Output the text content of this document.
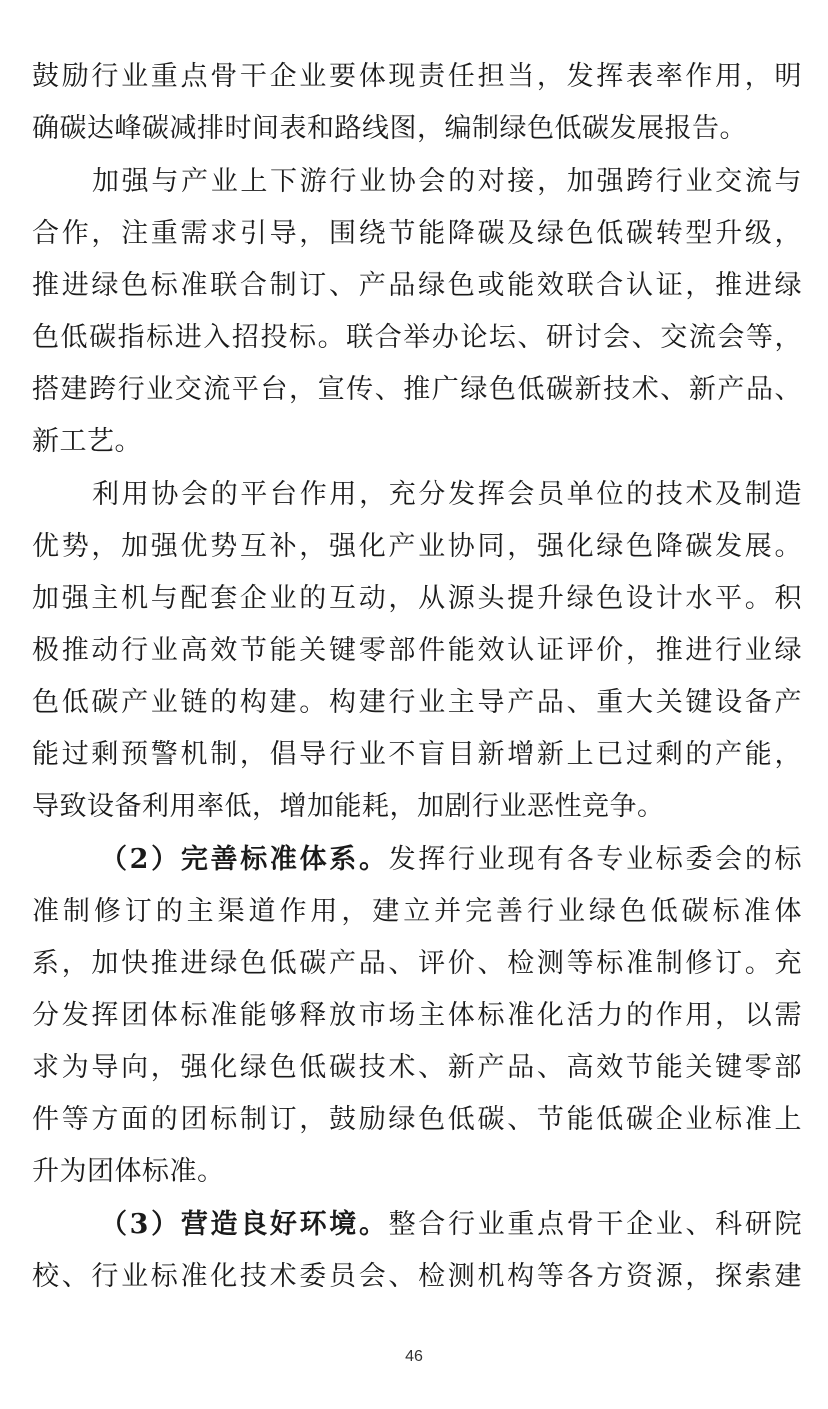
鼓励行业重点骨干企业要体现责任担当，发挥表率作用，明
确碳达峰碳减排时间表和路线图，编制绿色低碳发展报告。
加强与产业上下游行业协会的对接，加强跨行业交流与
合作，注重需求引导，围绕节能降碳及绿色低碳转型升级，
推进绿色标准联合制订、产品绿色或能效联合认证，推进绿
色低碳指标进入招投标。联合举办论坛、研讨会、交流会等，
搭建跨行业交流平台，宣传、推广绿色低碳新技术、新产品、
新工艺。
利用协会的平台作用，充分发挥会员单位的技术及制造
优势，加强优势互补，强化产业协同，强化绿色降碳发展。
加强主机与配套企业的互动，从源头提升绿色设计水平。积
极推动行业高效节能关键零部件能效认证评价，推进行业绿
色低碳产业链的构建。构建行业主导产品、重大关键设备产
能过剩预警机制，倡导行业不盲目新增新上已过剩的产能，
导致设备利用率低，增加能耗，加剧行业恶性竞争。
（2）完善标准体系。发挥行业现有各专业标委会的标
准制修订的主渠道作用，建立并完善行业绿色低碳标准体
系，加快推进绿色低碳产品、评价、检测等标准制修订。充
分发挥团体标准能够释放市场主体标准化活力的作用，以需
求为导向，强化绿色低碳技术、新产品、高效节能关键零部
件等方面的团标制订，鼓励绿色低碳、节能低碳企业标准上
升为团体标准。
（3）营造良好环境。整合行业重点骨干企业、科研院
校、行业标准化技术委员会、检测机构等各方资源，探索建
46
